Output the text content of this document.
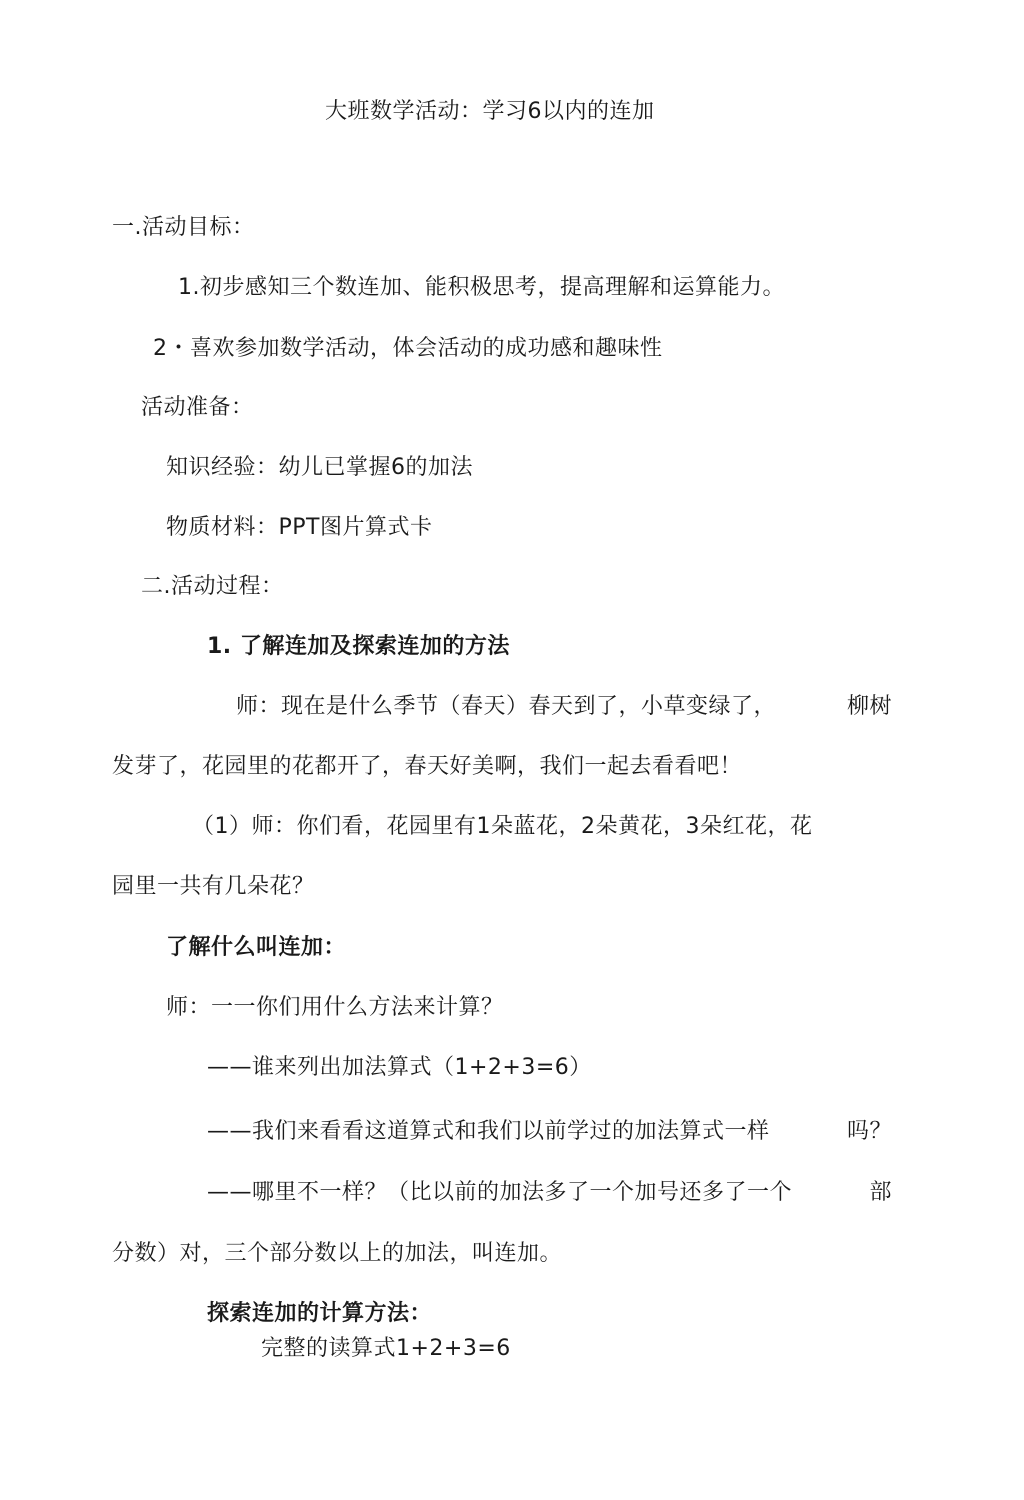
大班数学活动：学习6以内的连加
一.活动目标：
1.初步感知三个数连加、能积极思考，提高理解和运算能力。
2・喜欢参加数学活动，体会活动的成功感和趣味性
活动准备：
知识经验：幼儿已掌握6的加法
物质材料：PPT图片算式卡
二.活动过程：
1. 了解连加及探索连加的方法
师：现在是什么季节（春天）春天到了，小草变绿了，	柳树
发芽了，花园里的花都开了，春天好美啊，我们一起去看看吧！
（1）师：你们看，花园里有1朵蓝花，2朵黄花，3朵红花，花
园里一共有几朵花？
了解什么叫连加：
师：一一你们用什么方法来计算？
——谁来列出加法算式（1+2+3=6）
——我们来看看这道算式和我们以前学过的加法算式一样	吗？
——哪里不一样？（比以前的加法多了一个加号还多了一个	部
分数）对，三个部分数以上的加法，叫连加。
探索连加的计算方法：
完整的读算式1+2+3=6
